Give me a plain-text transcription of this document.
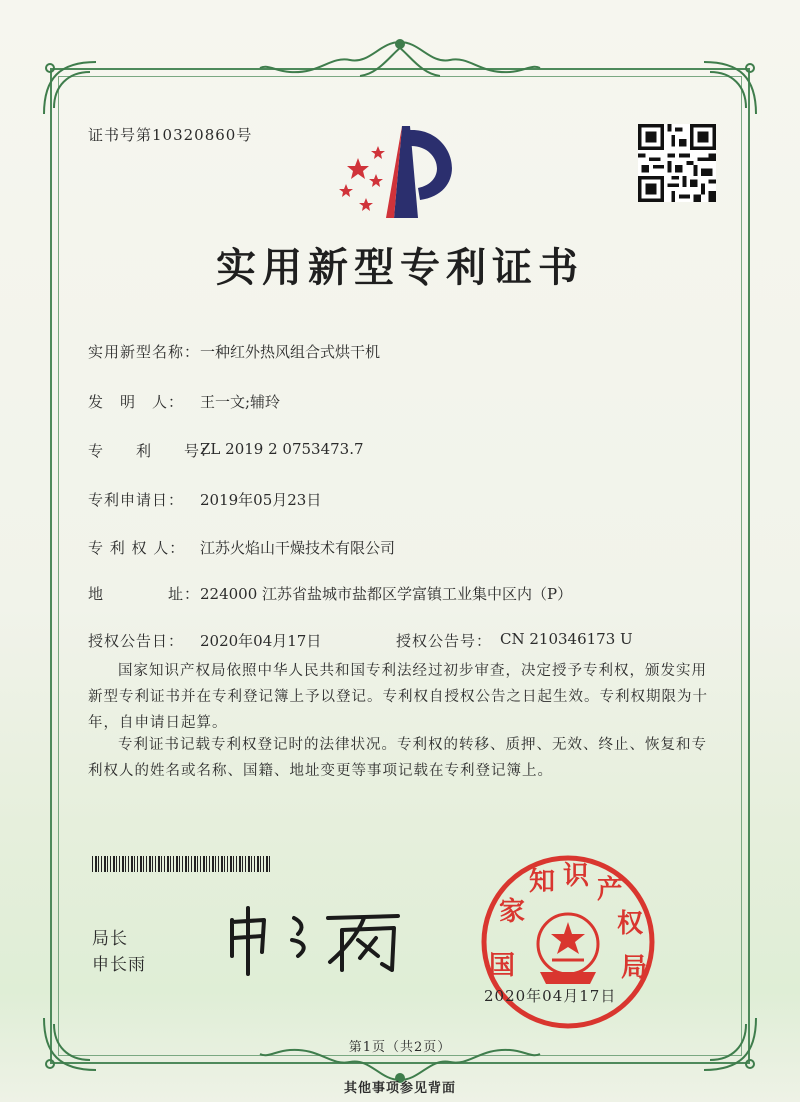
证书号第10320860号
实用新型专利证书
实用新型名称： 一种红外热风组合式烘干机
发　明　人： 王一文;辅玲
专　　利　　号：
ZL 2019 2 0753473.7
专利申请日： 2019年05月23日
专 利 权 人： 江苏火焰山干燥技术有限公司
地　　　　址： 224000 江苏省盐城市盐都区学富镇工业集中区内（P）
授权公告日： 2020年04月17日	授权公告号： CN 210346173 U
国家知识产权局依照中华人民共和国专利法经过初步审查，决定授予专利权，颁发实用新型专利证书并在专利登记簿上予以登记。专利权自授权公告之日起生效。专利权期限为十年，自申请日起算。
专利证书记载专利权登记时的法律状况。专利权的转移、质押、无效、终止、恢复和专利权人的姓名或名称、国籍、地址变更等事项记载在专利登记簿上。
局长
申长雨	国
家
知 识 产
权
局
2020年04月17日
第1页（共2页）
其他事项参见背面
